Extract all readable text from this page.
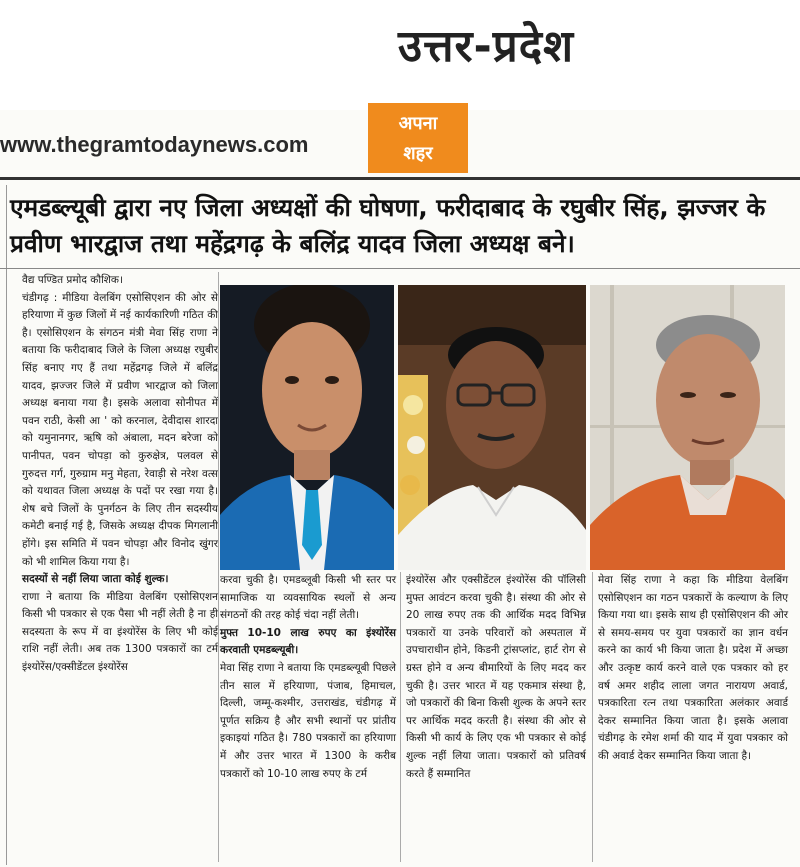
उत्तर-प्रदेश
www.thegramtodaynews.com
अपना
शहर
एमडब्ल्यूबी द्वारा नए जिला अध्यक्षों की घोषणा, फरीदाबाद के रघुबीर सिंह, झज्जर के प्रवीण भारद्वाज तथा महेंद्रगढ़ के बलिंद्र यादव जिला अध्यक्ष बने।

वैद्य पण्डित प्रमोद कौशिक।

चंडीगढ़ : मीडिया वेलबिंग एसोसिएशन की ओर से हरियाणा में कुछ जिलों में नई कार्यकारिणी गठित की है। एसोसिएशन के संगठन मंत्री मेवा सिंह राणा ने बताया कि फरीदाबाद जिले के जिला अध्यक्ष रघुबीर सिंह बनाए गए हैं तथा महेंद्रगढ़ जिले में बलिंद्र यादव, झज्जर जिले में प्रवीण भारद्वाज को जिला अध्यक्ष बनाया गया है। इसके अलावा सोनीपत में पवन राठी, केसी आ ' को करनाल, देवीदास शारदा को यमुनानगर, ऋषि को अंबाला, मदन बरेजा को पानीपत, पवन चोपड़ा को कुरुक्षेत्र, पलवल से गुरुदत्त गर्ग, गुरुग्राम मनु मेहता, रेवाड़ी से नरेश वत्स को यथावत जिला अध्यक्ष के पदों पर रखा गया है। शेष बचे जिलों के पुनर्गठन के लिए तीन सदस्यीय कमेटी बनाई गई है, जिसके अध्यक्ष दीपक मिगलानी होंगे। इस समिति में पवन चोपड़ा और विनोद खुंगर को भी शामिल किया गया है।

सदस्यों से नहीं लिया जाता कोई शुल्क।

राणा ने बताया कि मीडिया वेलबिंग एसोसिएशन किसी भी पत्रकार से एक पैसा भी नहीं लेती है ना ही सदस्यता के रूप में वा इंश्योरेंस के लिए भी कोई राशि नहीं लेती। अब तक 1300 पत्रकारों का टर्म इंश्योरेंस/एक्सीडेंटल इंश्योरेंस

करवा चुकी है। एमडब्लूबी किसी भी स्तर पर सामाजिक या व्यवसायिक स्थलों से अन्य संगठनों की तरह कोई चंदा नहीं लेती।

मुफ्त 10-10 लाख रुपए का इंश्योरेंस करवाती एमडब्ल्यूबी।

मेवा सिंह राणा ने बताया कि एमडब्ल्यूबी पिछले तीन साल में हरियाणा, पंजाब, हिमाचल, दिल्ली, जम्मू-कश्मीर, उत्तराखंड, चंडीगढ़ में पूर्णत सक्रिय है और सभी स्थानों पर प्रांतीय इकाइयां गठित है। 780 पत्रकारों का हरियाणा में और उत्तर भारत में 1300 के करीब पत्रकारों को 10-10 लाख रुपए के टर्म

इंश्योरेंस और एक्सीडेंटल इंश्योरेंस की पॉलिसी मुफ्त आवंटन करवा चुकी है। संस्था की ओर से 20 लाख रुपए तक की आर्थिक मदद विभिन्न पत्रकारों या उनके परिवारों को अस्पताल में उपचाराधीन होने, किडनी ट्रांसप्लांट, हार्ट रोग से ग्रस्त होने व अन्य बीमारियों के लिए मदद कर चुकी है। उत्तर भारत में यह एकमात्र संस्था है, जो पत्रकारों की बिना किसी शुल्क के अपने स्तर पर आर्थिक मदद करती है। संस्था की ओर से किसी भी कार्य के लिए एक भी पत्रकार से कोई शुल्क नहीं लिया जाता। पत्रकारों को प्रतिवर्ष करते हैं सम्मानित

मेवा सिंह राणा ने कहा कि मीडिया वेलबिंग एसोसिएशन का गठन पत्रकारों के कल्याण के लिए किया गया था। इसके साथ ही एसोसिएशन की ओर से समय-समय पर युवा पत्रकारों का ज्ञान वर्धन करने का कार्य भी किया जाता है। प्रदेश में अच्छा और उत्कृष्ट कार्य करने वाले एक पत्रकार को हर वर्ष अमर शहीद लाला जगत नारायण अवार्ड, पत्रकारिता रत्न तथा पत्रकारिता अलंकार अवार्ड देकर सम्मानित किया जाता है। इसके अलावा चंडीगढ़ के रमेश शर्मा की याद में युवा पत्रकार को की अवार्ड देकर सम्मानित किया जाता है।
